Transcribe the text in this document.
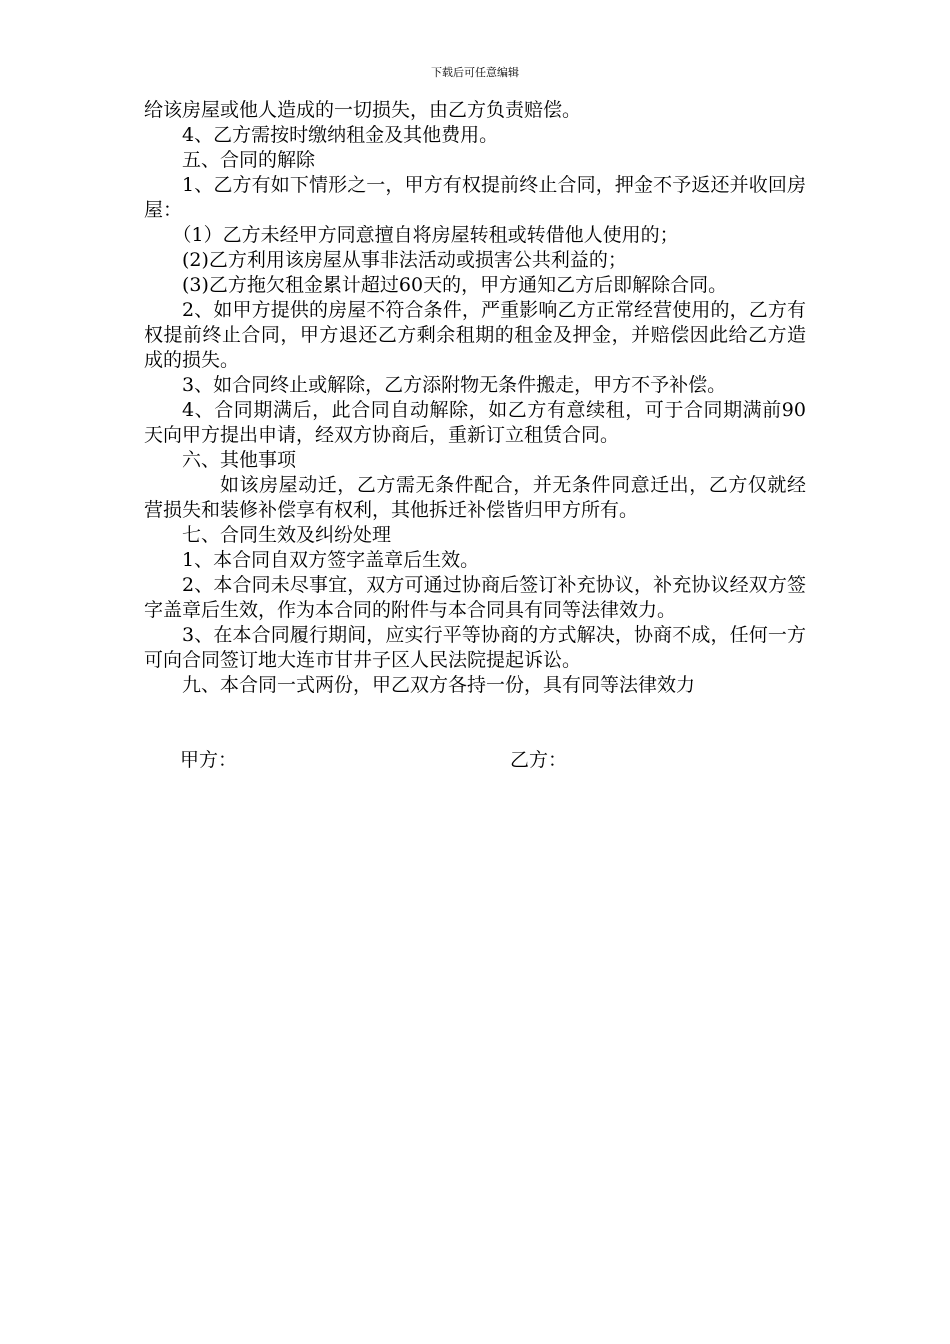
下载后可任意编辑

给该房屋或他人造成的一切损失，由乙方负责赔偿。

4、乙方需按时缴纳租金及其他费用。

五、合同的解除

1、乙方有如下情形之一，甲方有权提前终止合同，押金不予返还并收回房屋：

（1）乙方未经甲方同意擅自将房屋转租或转借他人使用的；

(2)乙方利用该房屋从事非法活动或损害公共利益的；

(3)乙方拖欠租金累计超过60天的，甲方通知乙方后即解除合同。

2、如甲方提供的房屋不符合条件，严重影响乙方正常经营使用的，乙方有权提前终止合同，甲方退还乙方剩余租期的租金及押金，并赔偿因此给乙方造成的损失。

3、如合同终止或解除，乙方添附物无条件搬走，甲方不予补偿。

4、合同期满后，此合同自动解除，如乙方有意续租，可于合同期满前90天向甲方提出申请，经双方协商后，重新订立租赁合同。

六、其他事项

如该房屋动迁，乙方需无条件配合，并无条件同意迁出，乙方仅就经营损失和装修补偿享有权利，其他拆迁补偿皆归甲方所有。

七、合同生效及纠纷处理

1、本合同自双方签字盖章后生效。

2、本合同未尽事宜，双方可通过协商后签订补充协议，补充协议经双方签字盖章后生效，作为本合同的附件与本合同具有同等法律效力。

3、在本合同履行期间，应实行平等协商的方式解决，协商不成，任何一方可向合同签订地大连市甘井子区人民法院提起诉讼。

九、本合同一式两份，甲乙双方各持一份，具有同等法律效力

甲方：	乙方：
